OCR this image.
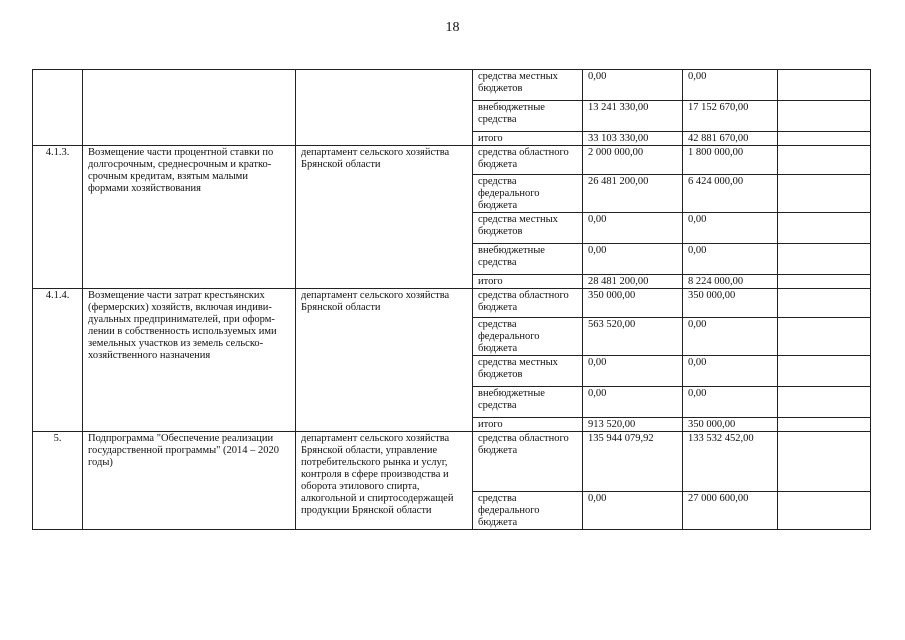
18
			средства местных бюджетов	0,00	0,00	
			внебюджетные средства	13 241 330,00	17 152 670,00	
			итого	33 103 330,00	42 881 670,00	
4.1.3.	Возмещение части процентной ставки по долгосрочным, среднесрочным и кратко-срочным кредитам, взятым малыми формами хозяйствования	департамент сельского хозяйства Брянской области	средства областного бюджета	2 000 000,00	1 800 000,00	
			средства федерального бюджета	26 481 200,00	6 424 000,00	
			средства местных бюджетов	0,00	0,00	
			внебюджетные средства	0,00	0,00	
			итого	28 481 200,00	8 224 000,00	
4.1.4.	Возмещение части затрат крестьянских (фермерских) хозяйств, включая индиви-дуальных предпринимателей, при оформ-лении в собственность используемых ими земельных участков из земель сельско-хозяйственного назначения	департамент сельского хозяйства Брянской области	средства областного бюджета	350 000,00	350 000,00	
			средства федерального бюджета	563 520,00	0,00	
			средства местных бюджетов	0,00	0,00	
			внебюджетные средства	0,00	0,00	
			итого	913 520,00	350 000,00	
5.	Подпрограмма "Обеспечение реализации государственной программы" (2014 – 2020 годы)	департамент сельского хозяйства Брянской области, управление потребительского рынка и услуг, контроля в сфере производства и оборота этилового спирта, алкогольной и спиртосодержащей продукции Брянской области	средства областного бюджета	135 944 079,92	133 532 452,00	
			средства федерального бюджета	0,00	27 000 600,00	
